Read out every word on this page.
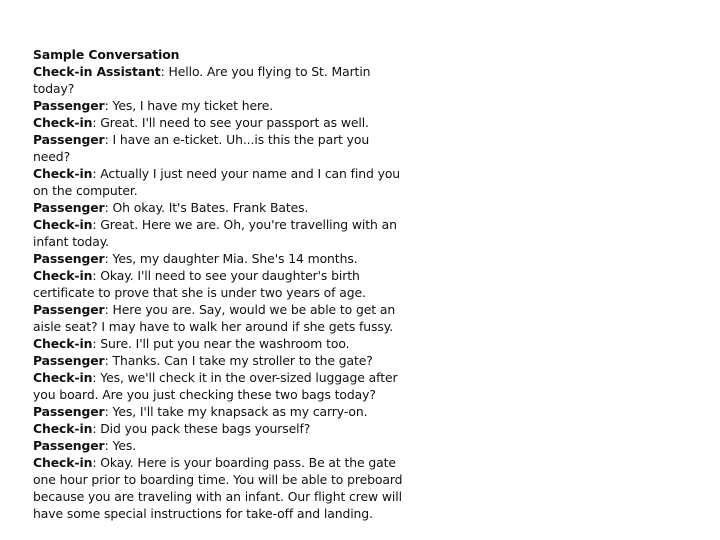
Sample Conversation

Check-in Assistant: Hello. Are you flying to St. Martin today?

Passenger: Yes, I have my ticket here.

Check-in: Great. I'll need to see your passport as well.

Passenger: I have an e-ticket. Uh...is this the part you need?

Check-in: Actually I just need your name and I can find you on the computer.

Passenger: Oh okay. It's Bates. Frank Bates.

Check-in: Great. Here we are. Oh, you're travelling with an infant today.

Passenger: Yes, my daughter Mia. She's 14 months.

Check-in: Okay. I'll need to see your daughter's birth certificate to prove that she is under two years of age.

Passenger: Here you are. Say, would we be able to get an aisle seat? I may have to walk her around if she gets fussy.

Check-in: Sure. I'll put you near the washroom too.

Passenger: Thanks. Can I take my stroller to the gate?

Check-in: Yes, we'll check it in the over-sized luggage after you board. Are you just checking these two bags today?

Passenger: Yes, I'll take my knapsack as my carry-on.

Check-in: Did you pack these bags yourself?

Passenger: Yes.

Check-in: Okay. Here is your boarding pass. Be at the gate one hour prior to boarding time. You will be able to preboard because you are traveling with an infant. Our flight crew will have some special instructions for take-off and landing.
